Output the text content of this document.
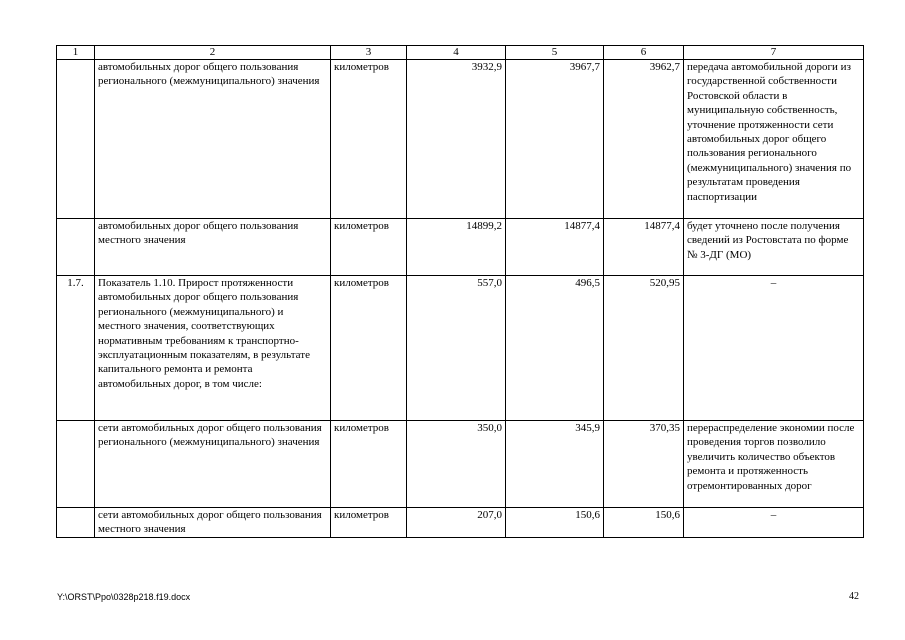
1	2	3	4	5	6	7
	автомобильных дорог общего пользования регионального (межмуниципального) значения	километров	3932,9	3967,7	3962,7	передача автомобильной дороги из государственной собственности Ростовской области в муниципальную собственность, уточнение протяженности сети автомобильных дорог общего пользования регионального (межмуниципального) значения по результатам проведения паспортизации
	автомобильных дорог общего пользования местного значения	километров	14899,2	14877,4	14877,4	будет уточнено после получения сведений из Ростовстата по форме № 3-ДГ (МО)
1.7.	Показатель 1.10. Прирост протяженности автомобильных дорог общего пользования регионального (межмуниципального) и местного значения, соответствующих нормативным требованиям к транспортно-эксплуатационным показателям, в результате капитального ремонта и ремонта автомобильных дорог, в том числе:	километров	557,0	496,5	520,95	–
	сети автомобильных дорог общего пользования регионального (межмуниципального) значения	километров	350,0	345,9	370,35	перераспределение экономии после проведения торгов позволило увеличить количество объектов ремонта и протяженность отремонтированных дорог
	сети автомобильных дорог общего пользования местного значения	километров	207,0	150,6	150,6	–
Y:\ORST\Ppo\0328p218.f19.docx	42
